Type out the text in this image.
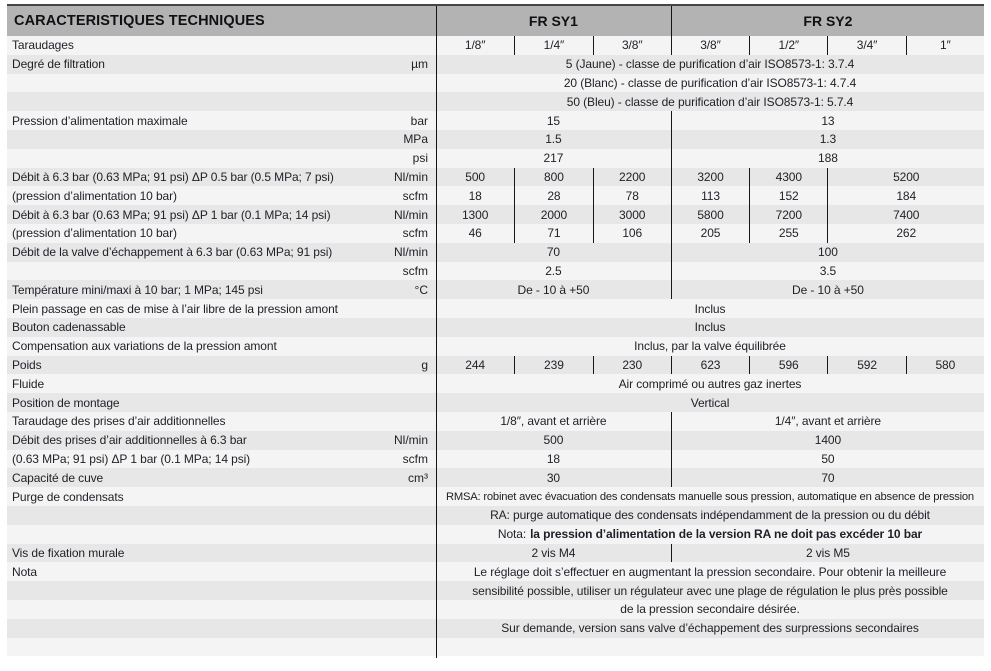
CARACTERISTIQUES TECHNIQUES	FR SY1	FR SY2
Taraudages	1/8″	1/4″	3/8″	3/8″	1/2″	3/4″	1″
Degré de filtration	µm	5 (Jaune) - classe de purification d’air ISO8573-1: 3.7.4
20 (Blanc) - classe de purification d’air ISO8573-1: 4.7.4
50 (Bleu) - classe de purification d’air ISO8573-1: 5.7.4
Pression d’alimentation maximale	bar	15	13
MPa	1.5	1.3
psi	217	188
Débit à 6.3 bar (0.63 MPa; 91 psi) ΔP 0.5 bar (0.5 MPa; 7 psi)	Nl/min	500	800	2200	3200	4300	5200
(pression d’alimentation 10 bar)	scfm	18	28	78	113	152	184
Débit à 6.3 bar (0.63 MPa; 91 psi) ΔP 1 bar (0.1 MPa; 14 psi)	Nl/min	1300	2000	3000	5800	7200	7400
(pression d’alimentation 10 bar)	scfm	46	71	106	205	255	262
Débit de la valve d’échappement à 6.3 bar (0.63 MPa; 91 psi)	Nl/min	70	100
scfm	2.5	3.5
Température mini/maxi à 10 bar; 1 MPa; 145 psi	°C	De - 10 à +50	De - 10 à +50
Plein passage en cas de mise à l’air libre de la pression amont	Inclus
Bouton cadenassable	Inclus
Compensation aux variations de la pression amont	Inclus, par la valve équilibrée
Poids	g	244	239	230	623	596	592	580
Fluide	Air comprimé ou autres gaz inertes
Position de montage	Vertical
Taraudage des prises d’air additionnelles	1/8″, avant et arrière	1/4″, avant et arrière
Débit des prises d’air additionnelles à 6.3 bar	Nl/min	500	1400
(0.63 MPa; 91 psi) ΔP 1 bar (0.1 MPa; 14 psi)	scfm	18	50
Capacité de cuve	cm³	30	70
Purge de condensats	RMSA: robinet avec évacuation des condensats manuelle sous pression, automatique en absence de pression
RA: purge automatique des condensats indépendamment de la pression ou du débit
Nota: la pression d’alimentation de la version RA ne doit pas excéder 10 bar
Vis de fixation murale	2 vis M4	2 vis M5
Nota	Le réglage doit s’effectuer en augmentant la pression secondaire. Pour obtenir la meilleure
sensibilité possible, utiliser un régulateur avec une plage de régulation le plus près possible
de la pression secondaire désirée.
Sur demande, version sans valve d’échappement des surpressions secondaires
